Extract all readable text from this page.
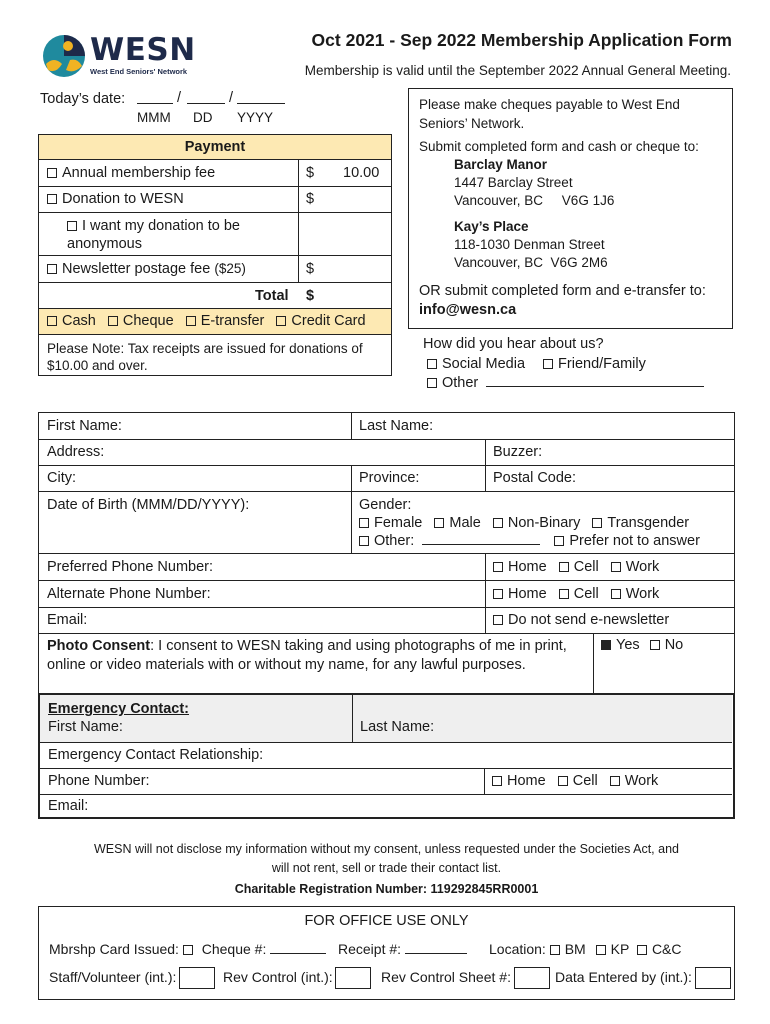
WESN
West End Seniors' Network
Oct 2021 - Sep 2022 Membership Application Form
Membership is valid until the September 2022 Annual General Meeting.
Today’s date:	/	/
MMM DD YYYY
Payment
Annual membership fee	$ 10.00
Donation to WESN	$
I want my donation to be anonymous
Newsletter postage fee ($25)	$
Total $
Cash Cheque E-transfer Credit Card
Please Note: Tax receipts are issued for donations of $10.00 and over.
Please make cheques payable to West End Seniors’ Network.
Submit completed form and cash or cheque to:
Barclay Manor
1447 Barclay Street
Vancouver, BC     V6G 1J6
Kay’s Place
118-1030 Denman Street
Vancouver, BC  V6G 2M6
OR submit completed form and e-transfer to:
info@wesn.ca
How did you hear about us?
Social Media Friend/Family
Other
First Name:	Last Name:
Address:	Buzzer:
City:	Province:	Postal Code:
Date of Birth (MMM/DD/YYYY):	Gender:
Female Male Non-Binary Transgender
Other:	Prefer not to answer
Preferred Phone Number:	Home Cell Work
Alternate Phone Number:	Home Cell Work
Email:	Do not send e-newsletter
Photo Consent: I consent to WESN taking and using photographs of me in print, online or video materials with or without my name, for any lawful purposes.
Yes No
Emergency Contact:
First Name:	Last Name:
Emergency Contact Relationship:
Phone Number:	Home Cell Work
Email:
WESN will not disclose my information without my consent, unless requested under the Societies Act, and
will not rent, sell or trade their contact list.
Charitable Registration Number: 119292845RR0001
FOR OFFICE USE ONLY
Mbrshp Card Issued: Cheque #:	Receipt #:	Location: BM KP C&C
Staff/Volunteer (int.):	Rev Control (int.):	Rev Control Sheet #:	Data Entered by (int.):
